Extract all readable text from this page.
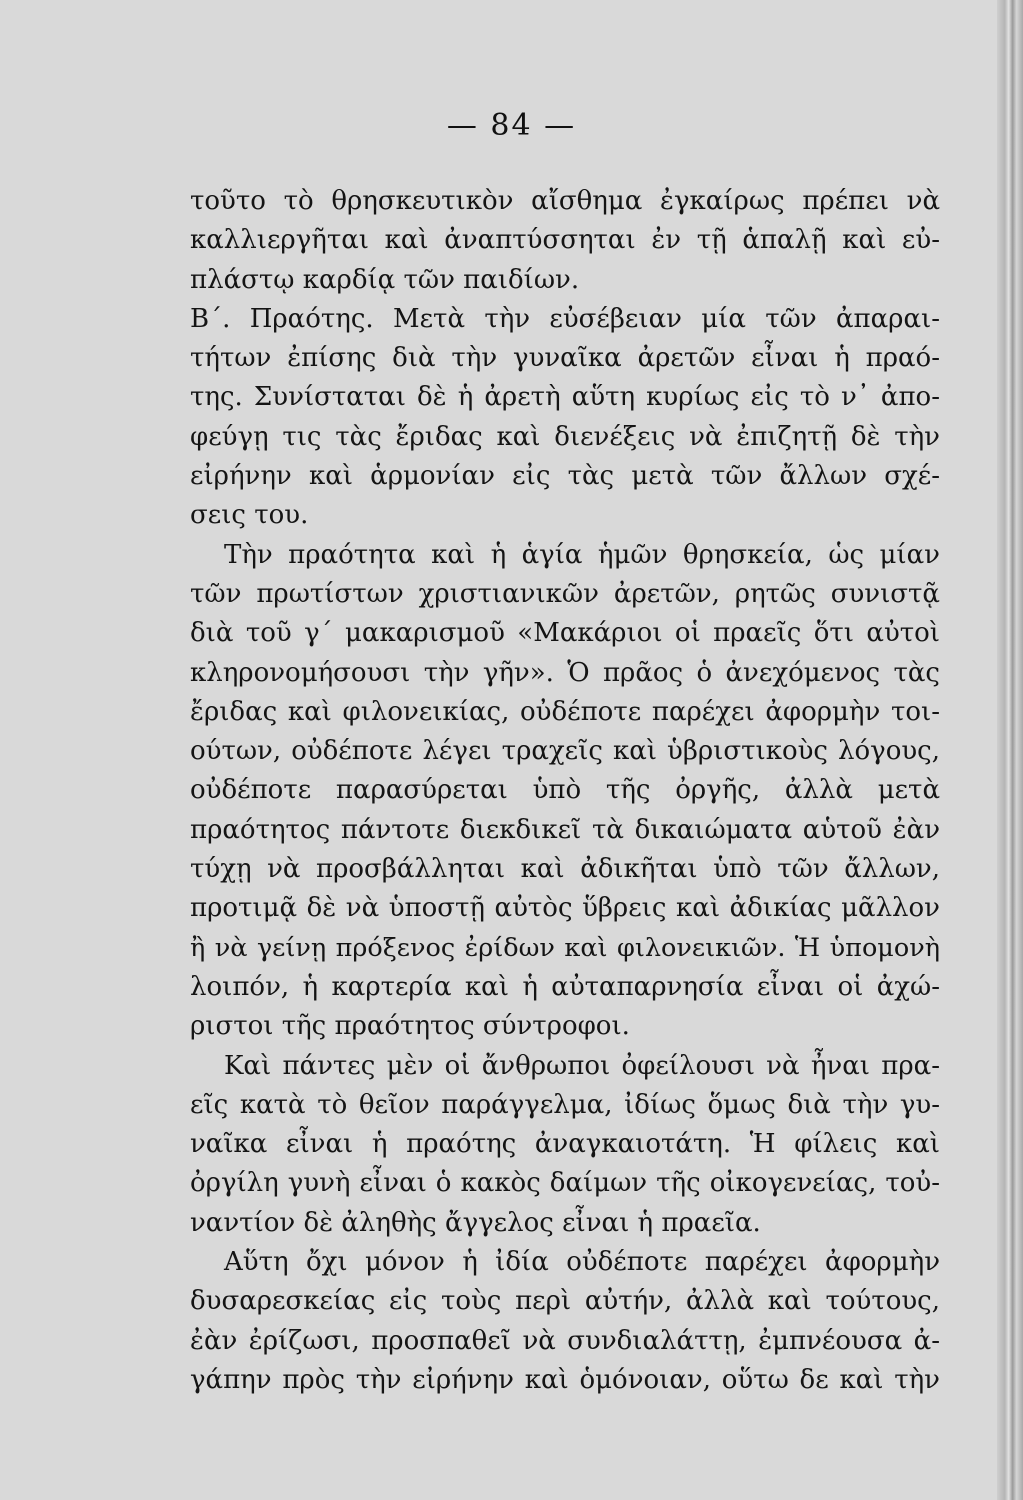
— 84 —
τοῦτο τὸ θρησκευτικὸν αἴσθημα ἐγκαίρως πρέπει νὰ
καλλιεργῆται καὶ ἀναπτύσσηται ἐν τῇ ἁπαλῇ καὶ εὐ-
πλάστῳ καρδίᾳ τῶν παιδίων.
Β΄. Πραότης. Μετὰ τὴν εὐσέβειαν μία τῶν ἀπαραι-
τήτων ἐπίσης διὰ τὴν γυναῖκα ἀρετῶν εἶναι ἡ πραό-
της. Συνίσταται δὲ ἡ ἀρετὴ αὕτη κυρίως εἰς τὸ ν᾽ ἀπο-
φεύγῃ τις τὰς ἔριδας καὶ διενέξεις νὰ ἐπιζητῇ δὲ τὴν
εἰρήνην καὶ ἁρμονίαν εἰς τὰς μετὰ τῶν ἄλλων σχέ-
σεις του.
Τὴν πραότητα καὶ ἡ ἁγία ἡμῶν θρησκεία, ὡς μίαν
τῶν πρωτίστων χριστιανικῶν ἀρετῶν, ρητῶς συνιστᾷ
διὰ τοῦ γ΄ μακαρισμοῦ «Μακάριοι οἱ πραεῖς ὅτι αὐτοὶ
κληρονομήσουσι τὴν γῆν». Ὁ πρᾶος ὁ ἀνεχόμενος τὰς
ἔριδας καὶ φιλονεικίας, οὐδέποτε παρέχει ἀφορμὴν τοι-
ούτων, οὐδέποτε λέγει τραχεῖς καὶ ὑβριστικοὺς λόγους,
οὐδέποτε παρασύρεται ὑπὸ τῆς ὀργῆς, ἀλλὰ μετὰ
πραότητος πάντοτε διεκδικεῖ τὰ δικαιώματα αὑτοῦ ἐὰν
τύχῃ νὰ προσβάλληται καὶ ἀδικῆται ὑπὸ τῶν ἄλλων,
προτιμᾷ δὲ νὰ ὑποστῇ αὐτὸς ὕβρεις καὶ ἀδικίας μᾶλλον
ἢ νὰ γείνῃ πρόξενος ἐρίδων καὶ φιλονεικιῶν. Ἡ ὑπομονὴ
λοιπόν, ἡ καρτερία καὶ ἡ αὐταπαρνησία εἶναι οἱ ἀχώ-
ριστοι τῆς πραότητος σύντροφοι.
Καὶ πάντες μὲν οἱ ἄνθρωποι ὀφείλουσι νὰ ἦναι πρα-
εῖς κατὰ τὸ θεῖον παράγγελμα, ἰδίως ὅμως διὰ τὴν γυ-
ναῖκα εἶναι ἡ πραότης ἀναγκαιοτάτη. Ἡ φίλεις καὶ
ὀργίλη γυνὴ εἶναι ὁ κακὸς δαίμων τῆς οἰκογενείας, τοὐ-
ναντίον δὲ ἀληθὴς ἄγγελος εἶναι ἡ πραεῖα.
Αὕτη ὄχι μόνον ἡ ἰδία οὐδέποτε παρέχει ἀφορμὴν
δυσαρεσκείας εἰς τοὺς περὶ αὐτήν, ἀλλὰ καὶ τούτους,
ἐὰν ἐρίζωσι, προσπαθεῖ νὰ συνδιαλάττῃ, ἐμπνέουσα ἀ-
γάπην πρὸς τὴν εἰρήνην καὶ ὁμόνοιαν, οὕτω δε καὶ τὴν
